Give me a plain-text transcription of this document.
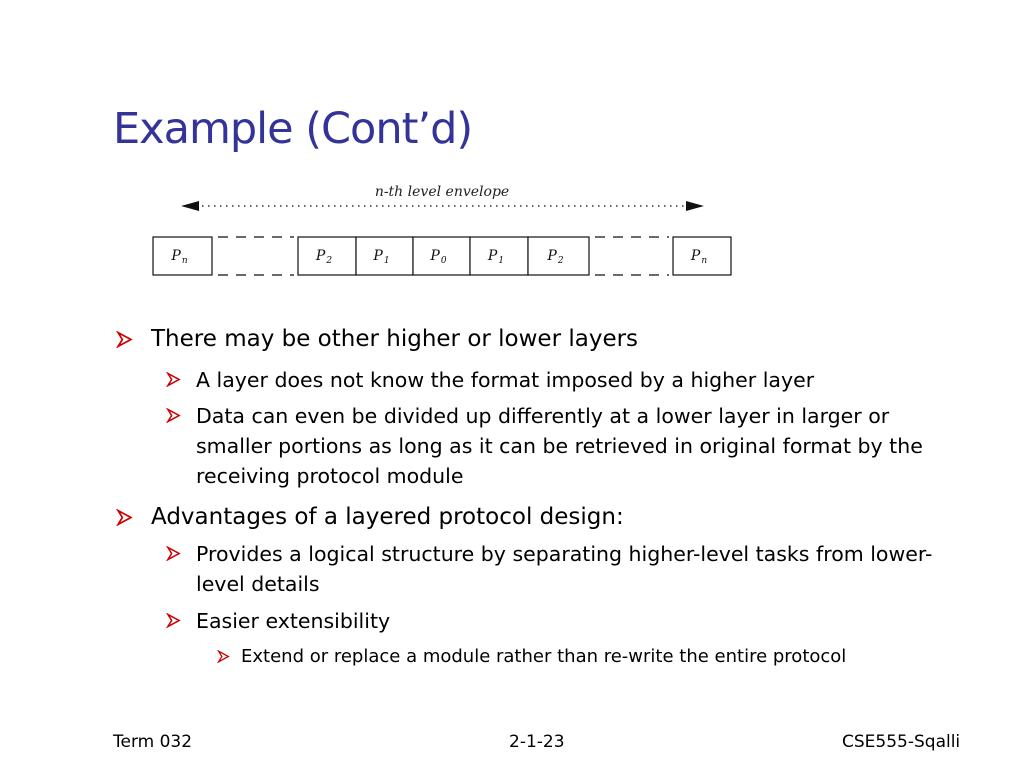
Example (Cont’d)
n-th level envelope
$P_n$	$P_2$	$P_1$	$P_0$	$P_1$	$P_2$	$P_n$
There may be other higher or lower layers
A layer does not know the format imposed by a higher layer
Data can even be divided up differently at a lower layer in larger or smaller portions as long as it can be retrieved in original format by the receiving protocol module
Advantages of a layered protocol design:
Provides a logical structure by separating higher-level tasks from lower-level details
Easier extensibility
Extend or replace a module rather than re-write the entire protocol
Term 032	2-1-23	CSE555-Sqalli
